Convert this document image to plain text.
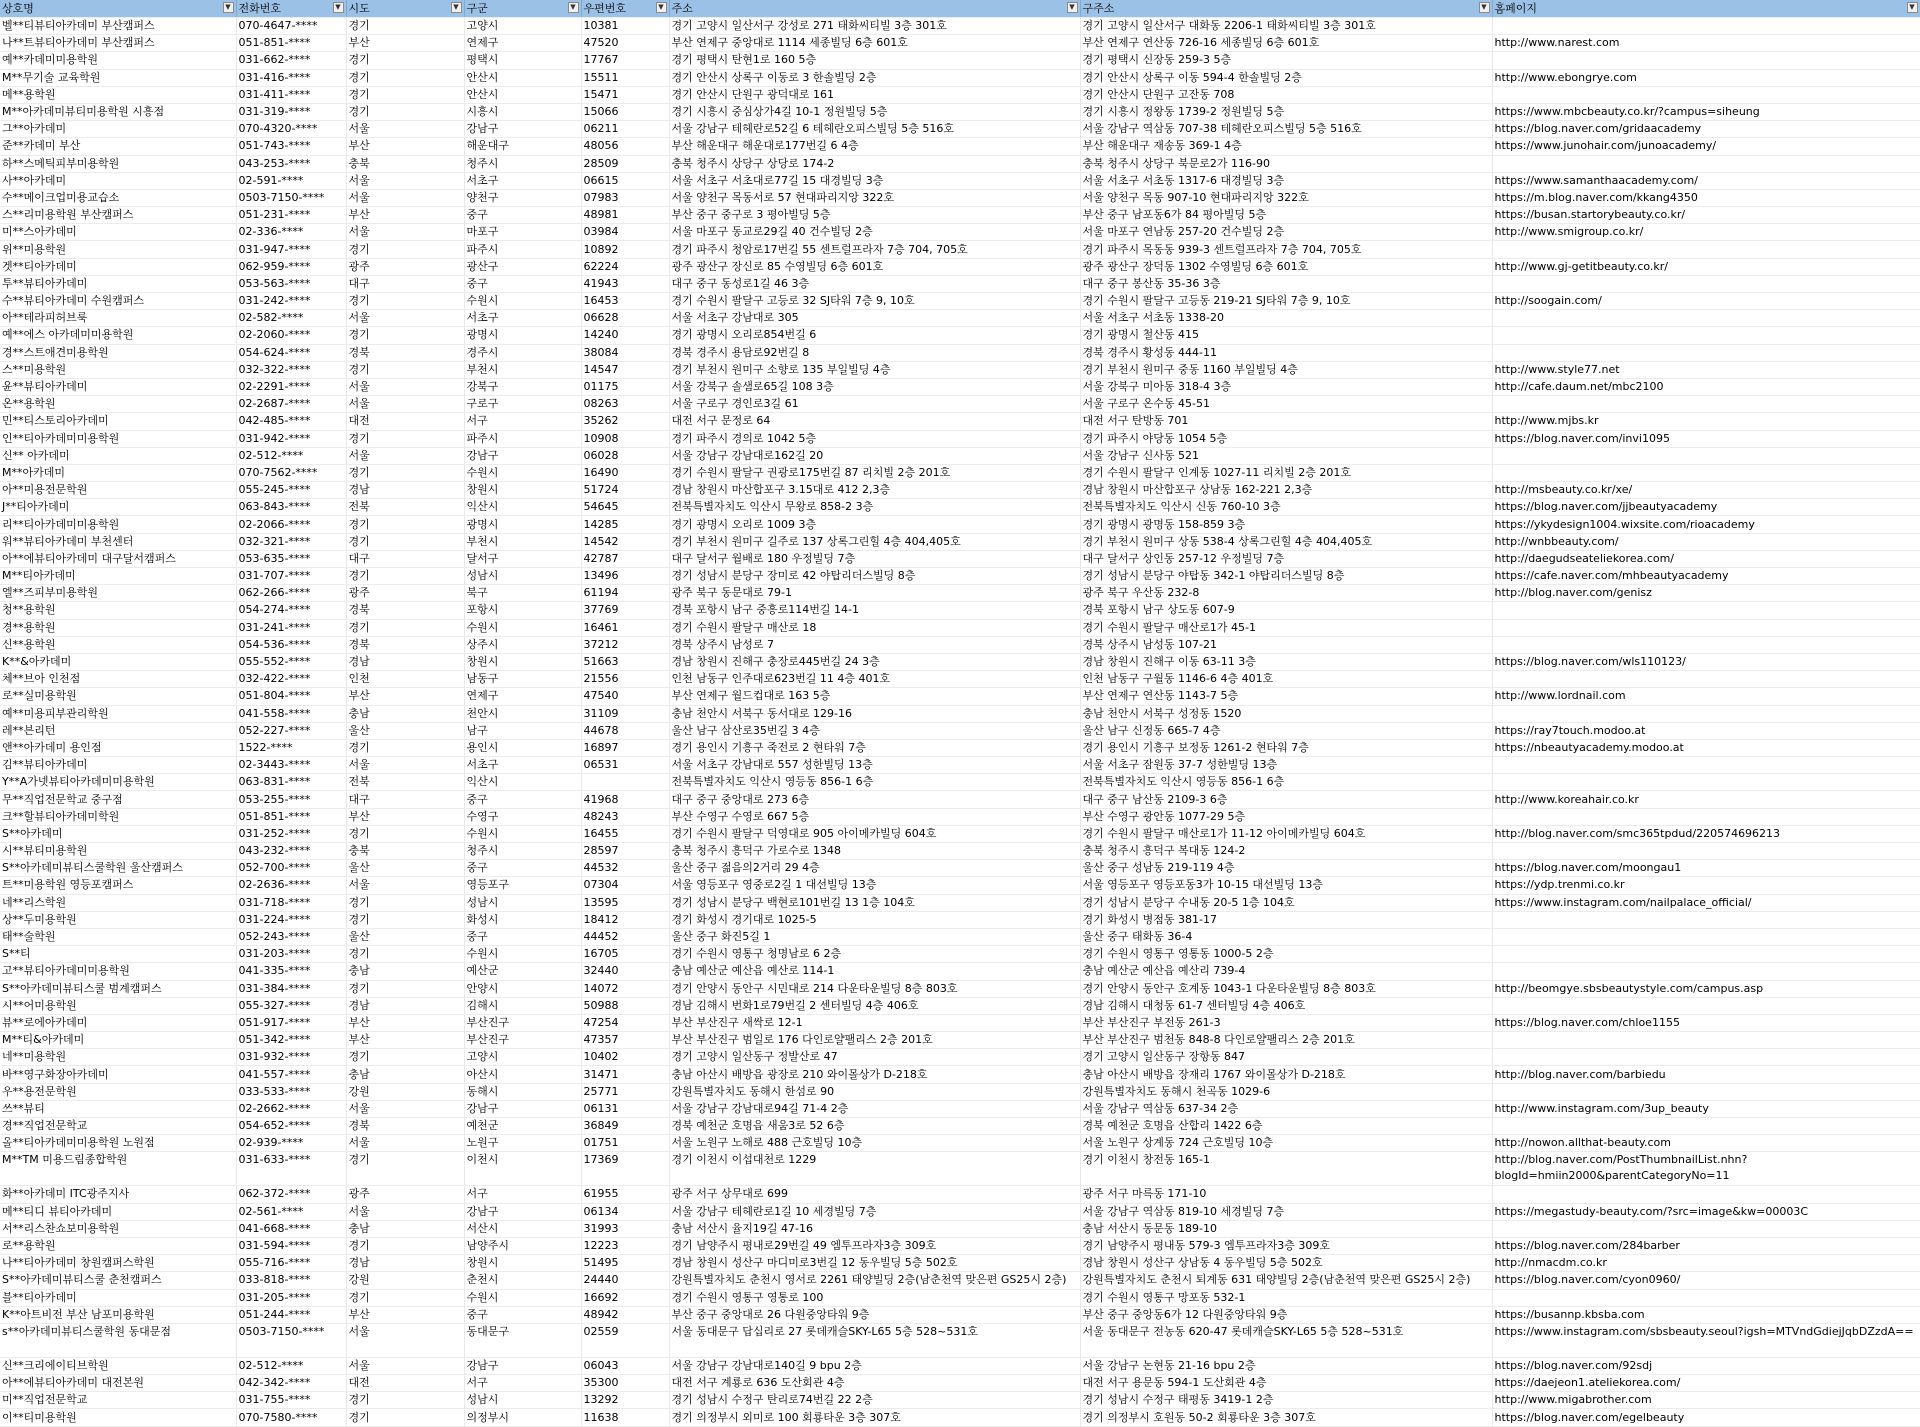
상호명 ▼	전화번호 ▼	시도 ▼	구군 ▼	우편번호 ▼	주소 ▼	구주소 ▼	홈페이지 ▼

벨**티뷰티아카데미 부산캠퍼스	070-4647-****	경기	고양시	10381	경기 고양시 일산서구 강성로 271 태화씨티빌 3층 301호	경기 고양시 일산서구 대화동 2206-1 태화씨티빌 3층 301호	
나**트뷰티아카데미 부산캠퍼스	051-851-****	부산	연제구	47520	부산 연제구 중앙대로 1114 세종빌딩 6층 601호	부산 연제구 연산동 726-16 세종빌딩 6층 601호	http://www.narest.com
예**카데미미용학원	031-662-****	경기	평택시	17767	경기 평택시 탄현1로 160 5층	경기 평택시 신장동 259-3 5층	
M**무기술 교육학원	031-416-****	경기	안산시	15511	경기 안산시 상록구 이동로 3 한솔빌딩 2층	경기 안산시 상록구 이동 594-4 한솔빌딩 2층	http://www.ebongrye.com
메**용학원	031-411-****	경기	안산시	15471	경기 안산시 단원구 광덕대로 161	경기 안산시 단원구 고잔동 708	
M**아카데미뷰티미용학원 시흥점	031-319-****	경기	시흥시	15066	경기 시흥시 중심상가4길 10-1 정원빌딩 5층	경기 시흥시 정왕동 1739-2 정원빌딩 5층	https://www.mbcbeauty.co.kr/?campus=siheung
그**아카데미	070-4320-****	서울	강남구	06211	서울 강남구 테헤란로52길 6 테헤란오피스빌딩 5층 516호	서울 강남구 역삼동 707-38 테헤란오피스빌딩 5층 516호	https://blog.naver.com/gridaacademy
준**카데미 부산	051-743-****	부산	해운대구	48056	부산 해운대구 해운대로177번길 6 4층	부산 해운대구 재송동 369-1 4층	https://www.junohair.com/junoacademy/
하**스메틱피부미용학원	043-253-****	충북	청주시	28509	충북 청주시 상당구 상당로 174-2	충북 청주시 상당구 북문로2가 116-90	
사**아카데미	02-591-****	서울	서초구	06615	서울 서초구 서초대로77길 15 대경빌딩 3층	서울 서초구 서초동 1317-6 대경빌딩 3층	https://www.samanthaacademy.com/
수**메이크업미용교습소	0503-7150-****	서울	양천구	07983	서울 양천구 목동서로 57 현대파리지앙 322호	서울 양천구 목동 907-10 현대파리지앙 322호	https://m.blog.naver.com/kkang4350
스**리미용학원 부산캠퍼스	051-231-****	부산	중구	48981	부산 중구 중구로 3 평아빌딩 5층	부산 중구 남포동6가 84 평아빌딩 5층	https://busan.startorybeauty.co.kr/
미**스아카데미	02-336-****	서울	마포구	03984	서울 마포구 동교로29길 40 건수빌딩 2층	서울 마포구 연남동 257-20 건수빌딩 2층	http://www.smigroup.co.kr/
위**미용학원	031-947-****	경기	파주시	10892	경기 파주시 청암로17번길 55 센트럴프라자 7층 704, 705호	경기 파주시 목동동 939-3 센트럴프라자 7층 704, 705호	
겟**티아카데미	062-959-****	광주	광산구	62224	광주 광산구 장신로 85 수영빌딩 6층 601호	광주 광산구 장덕동 1302 수영빌딩 6층 601호	http://www.gj-getitbeauty.co.kr/
투**뷰티아카데미	053-563-****	대구	중구	41943	대구 중구 동성로1길 46 3층	대구 중구 봉산동 35-36 3층	
수**뷰티아카데미 수원캠퍼스	031-242-****	경기	수원시	16453	경기 수원시 팔달구 고등로 32 SJ타워 7층 9, 10호	경기 수원시 팔달구 고등동 219-21 SJ타워 7층 9, 10호	http://soogain.com/
아**테라피허브룩	02-582-****	서울	서초구	06628	서울 서초구 강남대로 305	서울 서초구 서초동 1338-20	
예**에스 아카데미미용학원	02-2060-****	경기	광명시	14240	경기 광명시 오리로854번길 6	경기 광명시 철산동 415	
경**스트애견미용학원	054-624-****	경북	경주시	38084	경북 경주시 용담로92번길 8	경북 경주시 황성동 444-11	
스**미용학원	032-322-****	경기	부천시	14547	경기 부천시 원미구 소향로 135 부일빌딩 4층	경기 부천시 원미구 중동 1160 부일빌딩 4층	http://www.style77.net
윤**뷰티아카데미	02-2291-****	서울	강북구	01175	서울 강북구 솔샘로65길 108 3층	서울 강북구 미아동 318-4 3층	http://cafe.daum.net/mbc2100
온**용학원	02-2687-****	서울	구로구	08263	서울 구로구 경인로3길 61	서울 구로구 온수동 45-51	
민**티스토리아카데미	042-485-****	대전	서구	35262	대전 서구 문정로 64	대전 서구 탄방동 701	http://www.mjbs.kr
인**티아카데미미용학원	031-942-****	경기	파주시	10908	경기 파주시 경의로 1042 5층	경기 파주시 야당동 1054 5층	https://blog.naver.com/invi1095
신** 아카데미	02-512-****	서울	강남구	06028	서울 강남구 강남대로162길 20	서울 강남구 신사동 521	
M**아카데미	070-7562-****	경기	수원시	16490	경기 수원시 팔달구 권광로175번길 87 리치빌 2층 201호	경기 수원시 팔달구 인계동 1027-11 리치빌 2층 201호	
아**미용전문학원	055-245-****	경남	창원시	51724	경남 창원시 마산합포구 3.15대로 412 2,3층	경남 창원시 마산합포구 상남동 162-221 2,3층	http://msbeauty.co.kr/xe/
J**티아카데미	063-843-****	전북	익산시	54645	전북특별자치도 익산시 무왕로 858-2 3층	전북특별자치도 익산시 신동 760-10 3층	https://blog.naver.com/jjbeautyacademy
리**티아카데미미용학원	02-2066-****	경기	광명시	14285	경기 광명시 오리로 1009 3층	경기 광명시 광명동 158-859 3층	https://ykydesign1004.wixsite.com/rioacademy
워**뷰티아카데미 부천센터	032-321-****	경기	부천시	14542	경기 부천시 원미구 길주로 137 상록그린힐 4층 404,405호	경기 부천시 원미구 상동 538-4 상록그린힐 4층 404,405호	http://wnbbeauty.com/
아**에뷰티아카데미 대구달서캠퍼스	053-635-****	대구	달서구	42787	대구 달서구 월배로 180 우정빌딩 7층	대구 달서구 상인동 257-12 우정빌딩 7층	http://daegudseateliekorea.com/
M**티아카데미	031-707-****	경기	성남시	13496	경기 성남시 분당구 장미로 42 야탑리더스빌딩 8층	경기 성남시 분당구 야탑동 342-1 야탑리더스빌딩 8층	https://cafe.naver.com/mhbeautyacademy
엘**즈피부미용학원	062-266-****	광주	북구	61194	광주 북구 동문대로 79-1	광주 북구 우산동 232-8	http://blog.naver.com/genisz
청**용학원	054-274-****	경북	포항시	37769	경북 포항시 남구 중흥로114번길 14-1	경북 포항시 남구 상도동 607-9	
경**용학원	031-241-****	경기	수원시	16461	경기 수원시 팔달구 매산로 18	경기 수원시 팔달구 매산로1가 45-1	
신**용학원	054-536-****	경북	상주시	37212	경북 상주시 남성로 7	경북 상주시 남성동 107-21	
K**&아카데미	055-552-****	경남	창원시	51663	경남 창원시 진해구 충장로445번길 24 3층	경남 창원시 진해구 이동 63-11 3층	https://blog.naver.com/wls110123/
체**브아 인천점	032-422-****	인천	남동구	21556	인천 남동구 인주대로623번길 11 4층 401호	인천 남동구 구월동 1146-6 4층 401호	
로**실미용학원	051-804-****	부산	연제구	47540	부산 연제구 월드컵대로 163 5층	부산 연제구 연산동 1143-7 5층	http://www.lordnail.com
예**미용피부관리학원	041-558-****	충남	천안시	31109	충남 천안시 서북구 동서대로 129-16	충남 천안시 서북구 성정동 1520	
레**븐리턴	052-227-****	울산	남구	44678	울산 남구 삼산로35번길 3 4층	울산 남구 신정동 665-7 4층	https://ray7touch.modoo.at
앤**아카데미 용인점	1522-****	경기	용인시	16897	경기 용인시 기흥구 죽전로 2 현타워 7층	경기 용인시 기흥구 보정동 1261-2 현타워 7층	https://nbeautyacademy.modoo.at
김**뷰티아카데미	02-3443-****	서울	서초구	06531	서울 서초구 강남대로 557 성한빌딩 13층	서울 서초구 잠원동 37-7 성한빌딩 13층	
Y**A가넷뷰티아카데미미용학원	063-831-****	전북	익산시		전북특별자치도 익산시 영등동 856-1 6층	전북특별자치도 익산시 영등동 856-1 6층	
무**직업전문학교 중구점	053-255-****	대구	중구	41968	대구 중구 중앙대로 273 6층	대구 중구 남산동 2109-3 6층	http://www.koreahair.co.kr
크**할뷰티아카데미학원	051-851-****	부산	수영구	48243	부산 수영구 수영로 667 5층	부산 수영구 광안동 1077-29 5층	
S**아카데미	031-252-****	경기	수원시	16455	경기 수원시 팔달구 덕영대로 905 아이메카빌딩 604호	경기 수원시 팔달구 매산로1가 11-12 아이메카빌딩 604호	http://blog.naver.com/smc365tpdud/220574696213
시**뷰티미용학원	043-232-****	충북	청주시	28597	충북 청주시 흥덕구 가로수로 1348	충북 청주시 흥덕구 복대동 124-2	
S**아카데미뷰티스쿨학원 울산캠퍼스	052-700-****	울산	중구	44532	울산 중구 젊음의2거리 29 4층	울산 중구 성남동 219-119 4층	https://blog.naver.com/moongau1
트**미용학원 영등포캠퍼스	02-2636-****	서울	영등포구	07304	서울 영등포구 영중로2길 1 대선빌딩 13층	서울 영등포구 영등포동3가 10-15 대선빌딩 13층	https://ydp.trenmi.co.kr
네**리스학원	031-718-****	경기	성남시	13595	경기 성남시 분당구 백현로101번길 13 1층 104호	경기 성남시 분당구 수내동 20-5 1층 104호	https://www.instagram.com/nailpalace_official/
상**두미용학원	031-224-****	경기	화성시	18412	경기 화성시 경기대로 1025-5	경기 화성시 병점동 381-17	
태**술학원	052-243-****	울산	중구	44452	울산 중구 화진5길 1	울산 중구 태화동 36-4	
S**티	031-203-****	경기	수원시	16705	경기 수원시 영통구 청명남로 6 2층	경기 수원시 영통구 영통동 1000-5 2층	
고**뷰티아카데미미용학원	041-335-****	충남	예산군	32440	충남 예산군 예산읍 예산로 114-1	충남 예산군 예산읍 예산리 739-4	
S**아카데미뷰티스쿨 범계캠퍼스	031-384-****	경기	안양시	14072	경기 안양시 동안구 시민대로 214 다운타운빌딩 8층 803호	경기 안양시 동안구 호계동 1043-1 다운타운빌딩 8층 803호	http://beomgye.sbsbeautystyle.com/campus.asp
시**어미용학원	055-327-****	경남	김해시	50988	경남 김해시 번화1로79번길 2 센터빌딩 4층 406호	경남 김해시 대청동 61-7 센터빌딩 4층 406호	
뷰**로에아카데미	051-917-****	부산	부산진구	47254	부산 부산진구 새싹로 12-1	부산 부산진구 부전동 261-3	https://blog.naver.com/chloe1155
M**티&아카데미	051-342-****	부산	부산진구	47357	부산 부산진구 범일로 176 다인로얄팰리스 2층 201호	부산 부산진구 범천동 848-8 다인로얄팰리스 2층 201호	
네**미용학원	031-932-****	경기	고양시	10402	경기 고양시 일산동구 정발산로 47	경기 고양시 일산동구 장항동 847	
바**영구화장아카데미	041-557-****	충남	아산시	31471	충남 아산시 배방읍 광장로 210 와이몰상가 D-218호	충남 아산시 배방읍 장재리 1767 와이몰상가 D-218호	http://blog.naver.com/barbiedu
우**용전문학원	033-533-****	강원	동해시	25771	강원특별자치도 동해시 한섬로 90	강원특별자치도 동해시 천곡동 1029-6	
쓰**뷰티	02-2662-****	서울	강남구	06131	서울 강남구 강남대로94길 71-4 2층	서울 강남구 역삼동 637-34 2층	http://www.instagram.com/3up_beauty
경**직업전문학교	054-652-****	경북	예천군	36849	경북 예천군 호명읍 새움3로 52 6층	경북 예천군 호명읍 산합리 1422 6층	
올**티아카데미미용학원 노원점	02-939-****	서울	노원구	01751	서울 노원구 노해로 488 근호빌딩 10층	서울 노원구 상계동 724 근호빌딩 10층	http://nowon.allthat-beauty.com
M**TM 미용드림종합학원	031-633-****	경기	이천시	17369	경기 이천시 이섭대천로 1229	경기 이천시 창전동 165-1	http://blog.naver.com/PostThumbnailList.nhn?blogId=hmiin2000&parentCategoryNo=11
화**아카데미 ITC광주지사	062-372-****	광주	서구	61955	광주 서구 상무대로 699	광주 서구 마륵동 171-10	
메**티디 뷰티아카데미	02-561-****	서울	강남구	06134	서울 강남구 테헤란로1길 10 세경빌딩 7층	서울 강남구 역삼동 819-10 세경빌딩 7층	https://megastudy-beauty.com/?src=image&kw=00003C
서**리스찬쇼보미용학원	041-668-****	충남	서산시	31993	충남 서산시 율지19길 47-16	충남 서산시 동문동 189-10	
로**용학원	031-594-****	경기	남양주시	12223	경기 남양주시 평내로29번길 49 엠투프라자3층 309호	경기 남양주시 평내동 579-3 엠투프라자3층 309호	https://blog.naver.com/284barber
나**티아카데미 창원캠퍼스학원	055-716-****	경남	창원시	51495	경남 창원시 성산구 마디미로3번길 12 동우빌딩 5층 502호	경남 창원시 성산구 상남동 4 동우빌딩 5층 502호	http://nmacdm.co.kr
S**아카데미뷰티스쿨 춘천캠퍼스	033-818-****	강원	춘천시	24440	강원특별자치도 춘천시 영서로 2261 태양빌딩 2층(남춘천역 맞은편 GS25시 2층)	강원특별자치도 춘천시 퇴계동 631 태양빌딩 2층(남춘천역 맞은편 GS25시 2층)	https://blog.naver.com/cyon0960/
블**티아카데미	031-205-****	경기	수원시	16692	경기 수원시 영통구 영통로 100	경기 수원시 영통구 망포동 532-1	
K**아트비전 부산 남포미용학원	051-244-****	부산	중구	48942	부산 중구 중앙대로 26 다원중앙타워 9층	부산 중구 중앙동6가 12 다원중앙타워 9층	https://busannp.kbsba.com
s**아카데미뷰티스쿨학원 동대문점	0503-7150-****	서울	동대문구	02559	서울 동대문구 답십리로 27 롯데캐슬SKY-L65 5층 528~531호	서울 동대문구 전농동 620-47 롯데캐슬SKY-L65 5층 528~531호	https://www.instagram.com/sbsbeauty.seoul?igsh=MTVndGdiejJqbDZzdA==
신**크리에이티브학원	02-512-****	서울	강남구	06043	서울 강남구 강남대로140길 9 bpu 2층	서울 강남구 논현동 21-16 bpu 2층	https://blog.naver.com/92sdj
아**에뷰티아카데미 대전본원	042-342-****	대전	서구	35300	대전 서구 계룡로 636 도산회관 4층	대전 서구 용문동 594-1 도산회관 4층	https://daejeon1.ateliekorea.com/
미**직업전문학교	031-755-****	경기	성남시	13292	경기 성남시 수정구 탄리로74번길 22 2층	경기 성남시 수정구 태평동 3419-1 2층	http://www.migabrother.com
이**티미용학원	070-7580-****	경기	의정부시	11638	경기 의정부시 외미로 100 회룡타운 3층 307호	경기 의정부시 호원동 50-2 회룡타운 3층 307호	https://blog.naver.com/egelbeauty
